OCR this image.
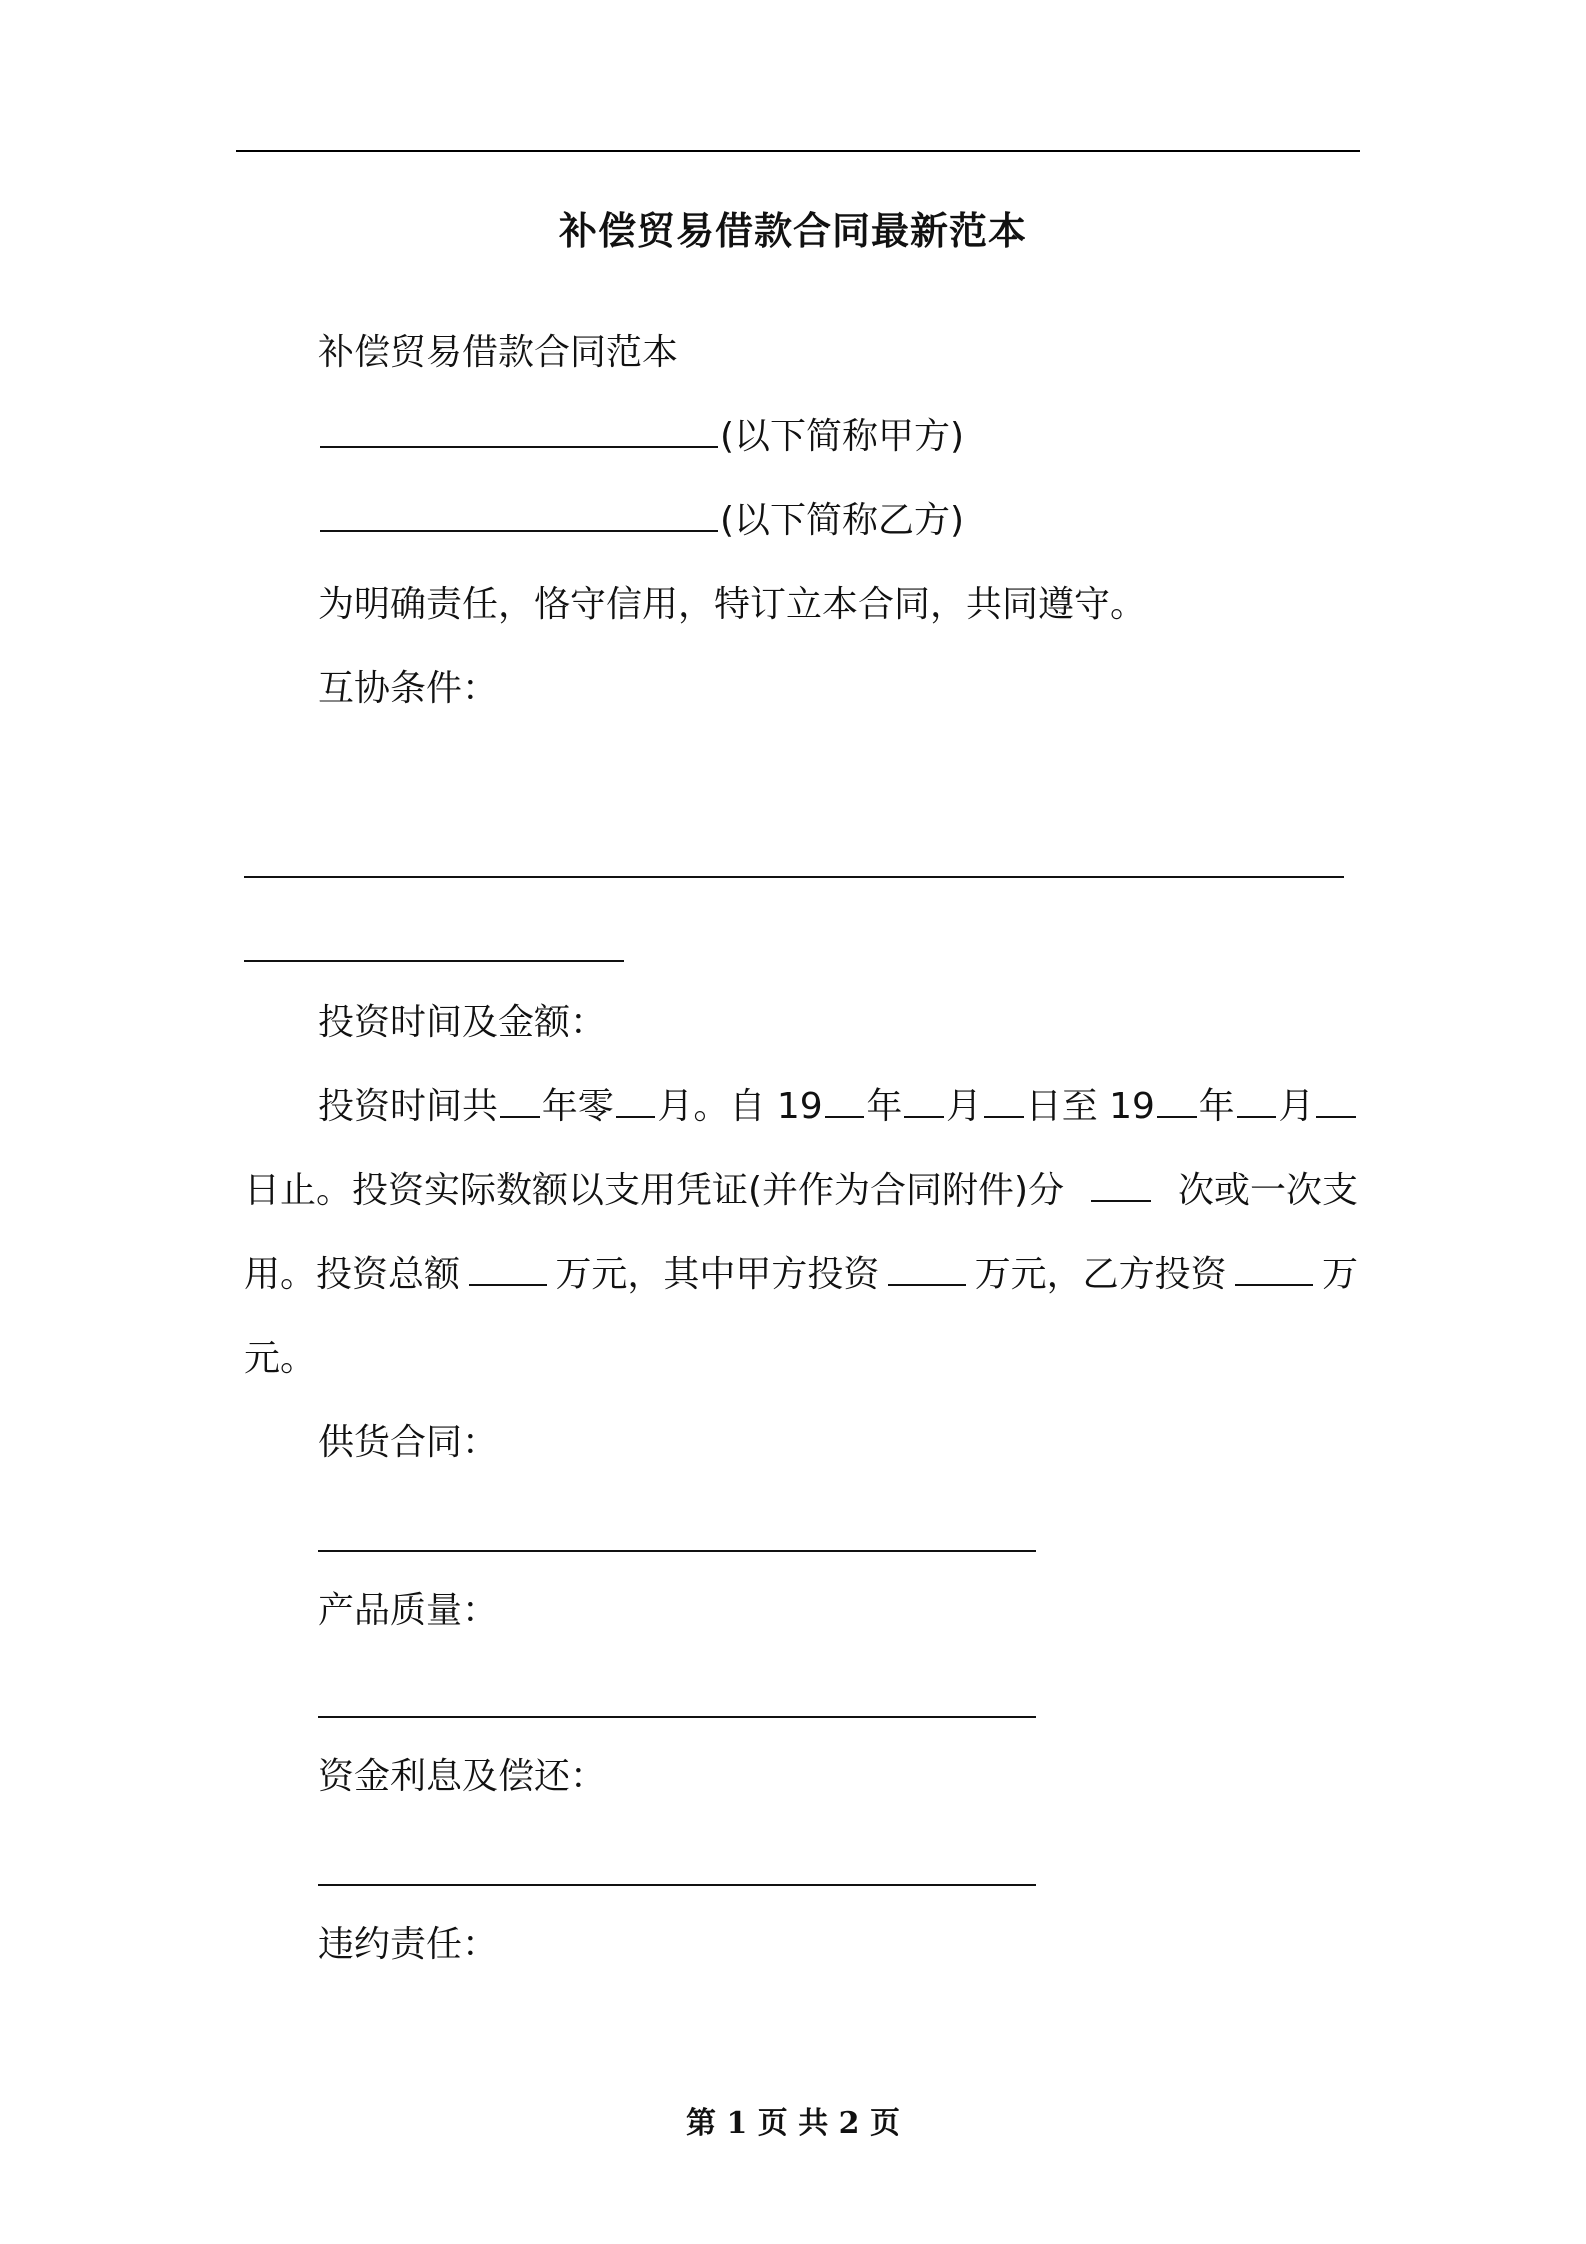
补偿贸易借款合同最新范本
补偿贸易借款合同范本
(以下简称甲方)
(以下简称乙方)
为明确责任，恪守信用，特订立本合同，共同遵守。
互协条件：
投资时间及金额：
投资时间共 年零 月。自 19 年 月 日至 19 年 月
日止。投资实际数额以支用凭证(并作为合同附件)分	次或一次支
用。投资总额	万元，其中甲方投资	万元，乙方投资	万
元。
供货合同：
产品质量：
资金利息及偿还：
违约责任：
第 1 页 共 2 页
